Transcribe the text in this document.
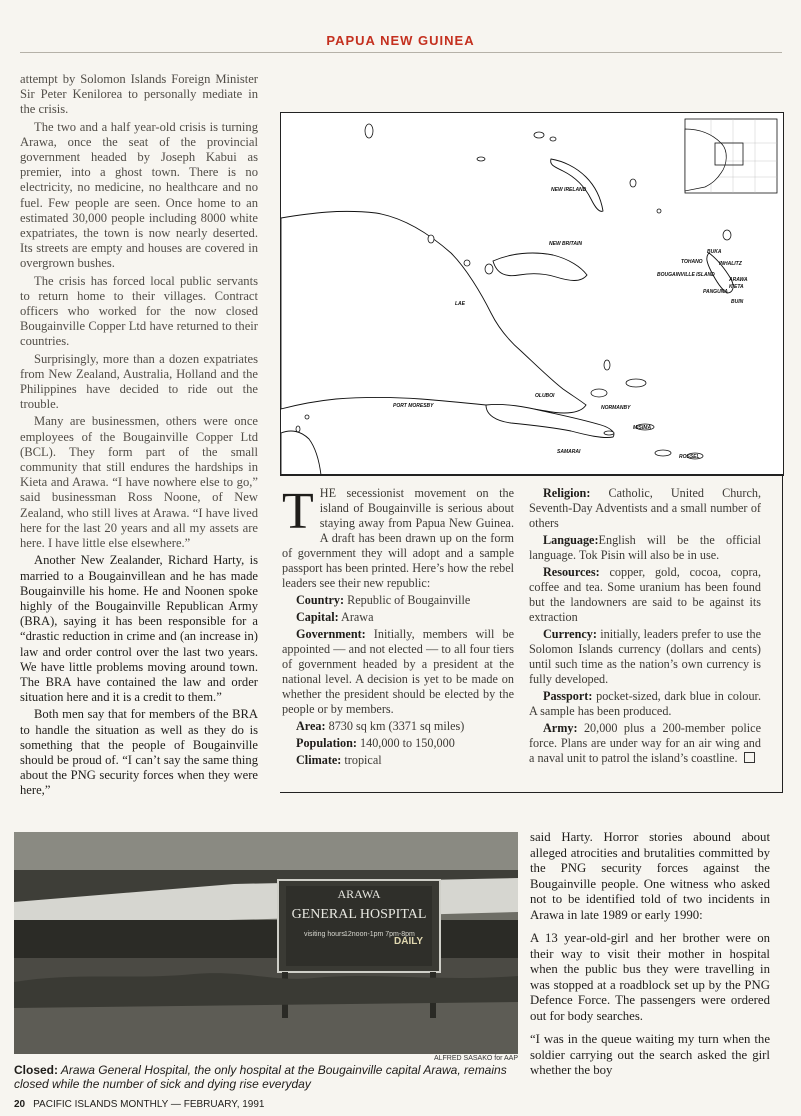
PAPUA NEW GUINEA

attempt by Solomon Islands Foreign Minister Sir Peter Kenilorea to personally mediate in the crisis.

The two and a half year-old crisis is turning Arawa, once the seat of the provincial government headed by Joseph Kabui as premier, into a ghost town. There is no electricity, no medicine, no healthcare and no fuel. Few people are seen. Once home to an estimated 30,000 people including 8000 white expatriates, the town is now nearly deserted. Its streets are empty and houses are covered in overgrown bushes.

The crisis has forced local public servants to return home to their villages. Contract officers who worked for the now closed Bougainville Copper Ltd have returned to their countries.

Surprisingly, more than a dozen expatriates from New Zealand, Australia, Holland and the Philippines have decided to ride out the trouble.

Many are businessmen, others were once employees of the Bougainville Copper Ltd (BCL). They form part of the small community that still endures the hardships in Kieta and Arawa. “I have nowhere else to go,” said businessman Ross Noone, of New Zealand, who still lives at Arawa. “I have lived here for the last 20 years and all my assets are here. I have little else elsewhere.”

Another New Zealander, Richard Harty, is married to a Bougainvillean and he has made Bougainville his home. He and Noonen spoke highly of the Bougainville Republican Army (BRA), saying it has been responsible for a “drastic reduction in crime and (an increase in) law and order control over the last two years. We have little problems moving around town. The BRA have contained the law and order situation here and it is a credit to them.”

Both men say that for members of the BRA to handle the situation as well as they do is something that the people of Bougainville should be proud of. “I can’t say the same thing about the PNG security forces when they were here,”

NEW IRELAND
NEW BRITAIN
LAE
PORT MORESBY
OLUBOI
NORMANBY
MISIMA
SAMARAI
ROSSEL
BOUGAINVILLE ISLAND
BUKA
ARAWA
KIETA
TOHANO	INHALITZ
PANGUNA
BUIN

THE secessionist movement on the island of Bougainville is serious about staying away from Papua New Guinea. A draft has been drawn up on the form of government they will adopt and a sample passport has been printed. Here’s how the rebel leaders see their new republic:

Country: Republic of Bougainville

Capital: Arawa

Government: Initially, members will be appointed — and not elected — to all four tiers of government headed by a president at the national level. A decision is yet to be made on whether the president should be elected by the people or by members.

Area: 8730 sq km (3371 sq miles)

Population: 140,000 to 150,000

Climate: tropical

Religion: Catholic, United Church, Seventh-Day Adventists and a small number of others

Language:English will be the official language. Tok Pisin will also be in use.

Resources: copper, gold, cocoa, copra, coffee and tea. Some uranium has been found but the landowners are said to be against its extraction

Currency: initially, leaders prefer to use the Solomon Islands currency (dollars and cents) until such time as the nation’s own currency is fully developed.

Passport: pocket-sized, dark blue in colour. A sample has been produced.

Army: 20,000 plus a 200-member police force. Plans are under way for an air wing and a naval unit to patrol the island’s coastline.

ARAWA
GENERAL HOSPITAL
visiting hours 12noon-1pm 7pm-8pm
DAILY
ALFRED SASAKO for AAP
Closed: Arawa General Hospital, the only hospital at the Bougainville capital Arawa, remains closed while the number of sick and dying rise everyday

said Harty. Horror stories abound about alleged atrocities and brutalities committed by the PNG security forces against the Bougainville people. One witness who asked not to be identified told of two incidents in Arawa in late 1989 or early 1990:

A 13 year-old-girl and her brother were on their way to visit their mother in hospital when the public bus they were travelling in was stopped at a roadblock set up by the PNG Defence Force. The passengers were ordered out for body searches.

“I was in the queue waiting my turn when the soldier carrying out the search asked the girl whether the boy

20 PACIFIC ISLANDS MONTHLY — FEBRUARY, 1991
